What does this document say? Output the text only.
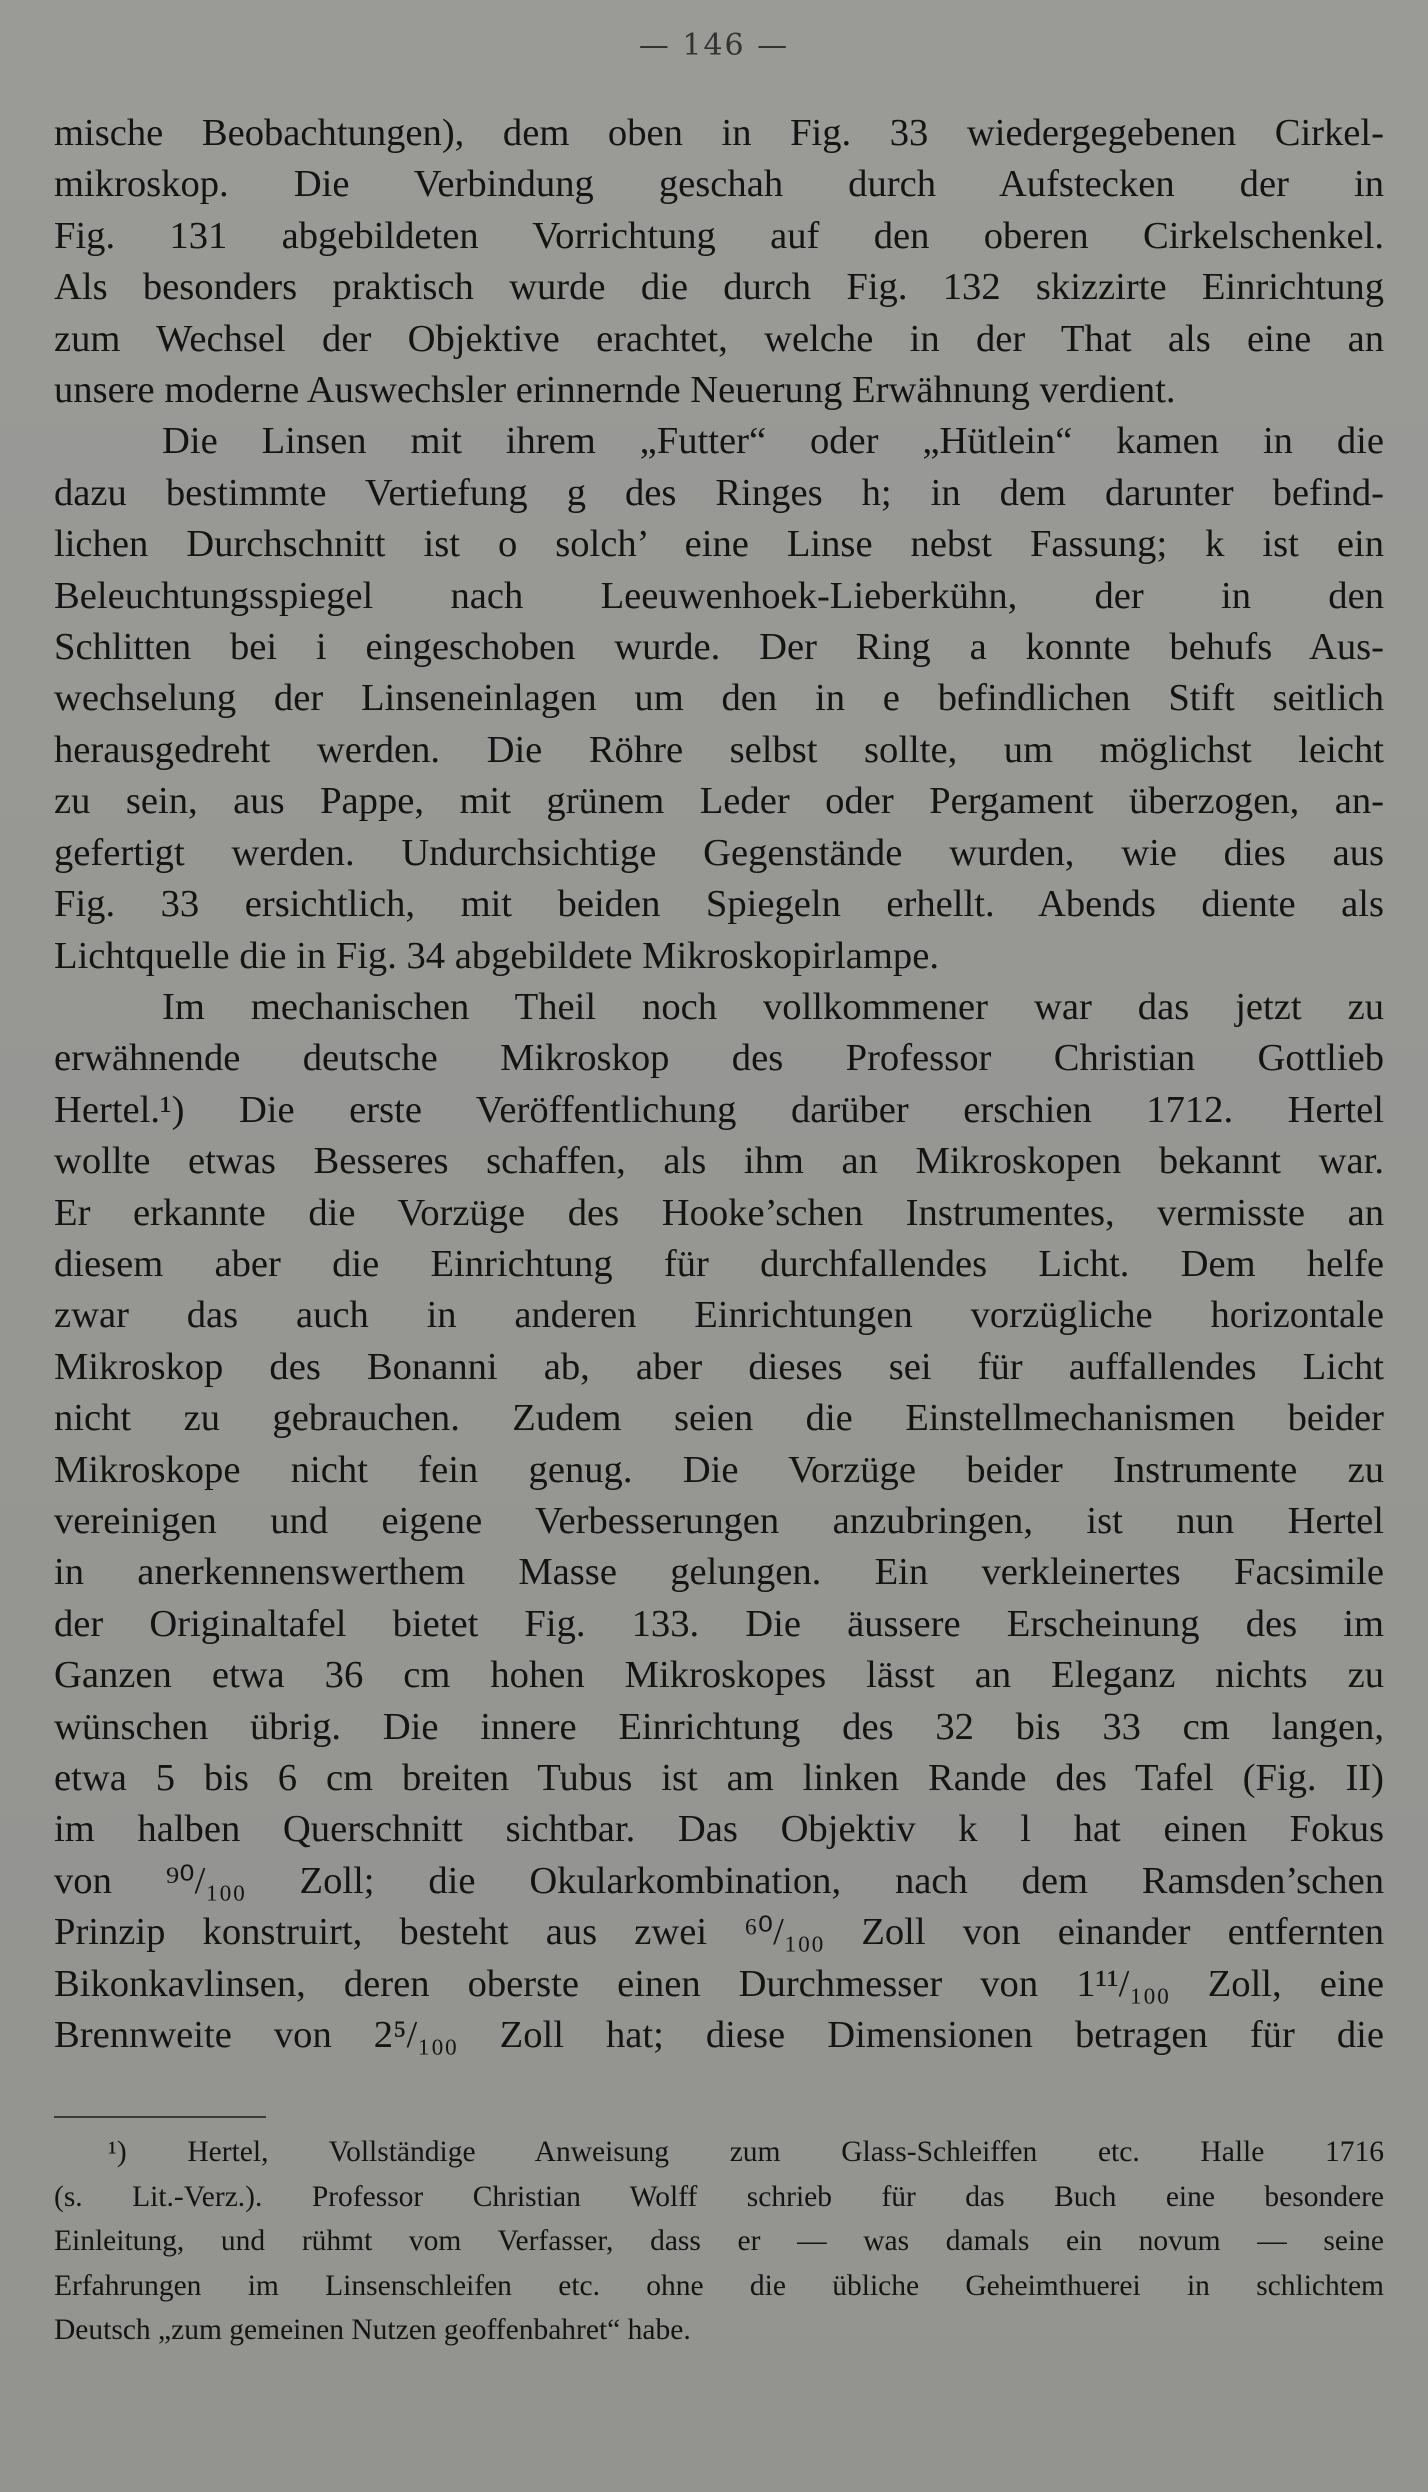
— 146 —

mische Beobachtungen), dem oben in Fig. 33 wiedergegebenen Cirkel-
mikroskop. Die Verbindung geschah durch Aufstecken der in
Fig. 131 abgebildeten Vorrichtung auf den oberen Cirkelschenkel.
Als besonders praktisch wurde die durch Fig. 132 skizzirte Einrichtung
zum Wechsel der Objektive erachtet, welche in der That als eine an
unsere moderne Auswechsler erinnernde Neuerung Erwähnung verdient.

Die Linsen mit ihrem „Futter“ oder „Hütlein“ kamen in die
dazu bestimmte Vertiefung g des Ringes h; in dem darunter befind-
lichen Durchschnitt ist o solch’ eine Linse nebst Fassung; k ist ein
Beleuchtungsspiegel nach Leeuwenhoek-Lieberkühn, der in den
Schlitten bei i eingeschoben wurde. Der Ring a konnte behufs Aus-
wechselung der Linseneinlagen um den in e befindlichen Stift seitlich
herausgedreht werden. Die Röhre selbst sollte, um möglichst leicht
zu sein, aus Pappe, mit grünem Leder oder Pergament überzogen, an-
gefertigt werden. Undurchsichtige Gegenstände wurden, wie dies aus
Fig. 33 ersichtlich, mit beiden Spiegeln erhellt. Abends diente als
Lichtquelle die in Fig. 34 abgebildete Mikroskopirlampe.

Im mechanischen Theil noch vollkommener war das jetzt zu
erwähnende deutsche Mikroskop des Professor Christian Gottlieb
Hertel.¹) Die erste Veröffentlichung darüber erschien 1712. Hertel
wollte etwas Besseres schaffen, als ihm an Mikroskopen bekannt war.
Er erkannte die Vorzüge des Hooke’schen Instrumentes, vermisste an
diesem aber die Einrichtung für durchfallendes Licht. Dem helfe
zwar das auch in anderen Einrichtungen vorzügliche horizontale
Mikroskop des Bonanni ab, aber dieses sei für auffallendes Licht
nicht zu gebrauchen. Zudem seien die Einstellmechanismen beider
Mikroskope nicht fein genug. Die Vorzüge beider Instrumente zu
vereinigen und eigene Verbesserungen anzubringen, ist nun Hertel
in anerkennenswerthem Masse gelungen. Ein verkleinertes Facsimile
der Originaltafel bietet Fig. 133. Die äussere Erscheinung des im
Ganzen etwa 36 cm hohen Mikroskopes lässt an Eleganz nichts zu
wünschen übrig. Die innere Einrichtung des 32 bis 33 cm langen,
etwa 5 bis 6 cm breiten Tubus ist am linken Rande des Tafel (Fig. II)
im halben Querschnitt sichtbar. Das Objektiv k l hat einen Fokus
von ⁹⁰/₁₀₀ Zoll; die Okularkombination, nach dem Ramsden’schen
Prinzip konstruirt, besteht aus zwei ⁶⁰/₁₀₀ Zoll von einander entfernten
Bikonkavlinsen, deren oberste einen Durchmesser von 1¹¹/₁₀₀ Zoll, eine
Brennweite von 2⁵/₁₀₀ Zoll hat; diese Dimensionen betragen für die

¹) Hertel, Vollständige Anweisung zum Glass-Schleiffen etc. Halle 1716
(s. Lit.-Verz.). Professor Christian Wolff schrieb für das Buch eine besondere
Einleitung, und rühmt vom Verfasser, dass er — was damals ein novum — seine
Erfahrungen im Linsenschleifen etc. ohne die übliche Geheimthuerei in schlichtem
Deutsch „zum gemeinen Nutzen geoffenbahret“ habe.
